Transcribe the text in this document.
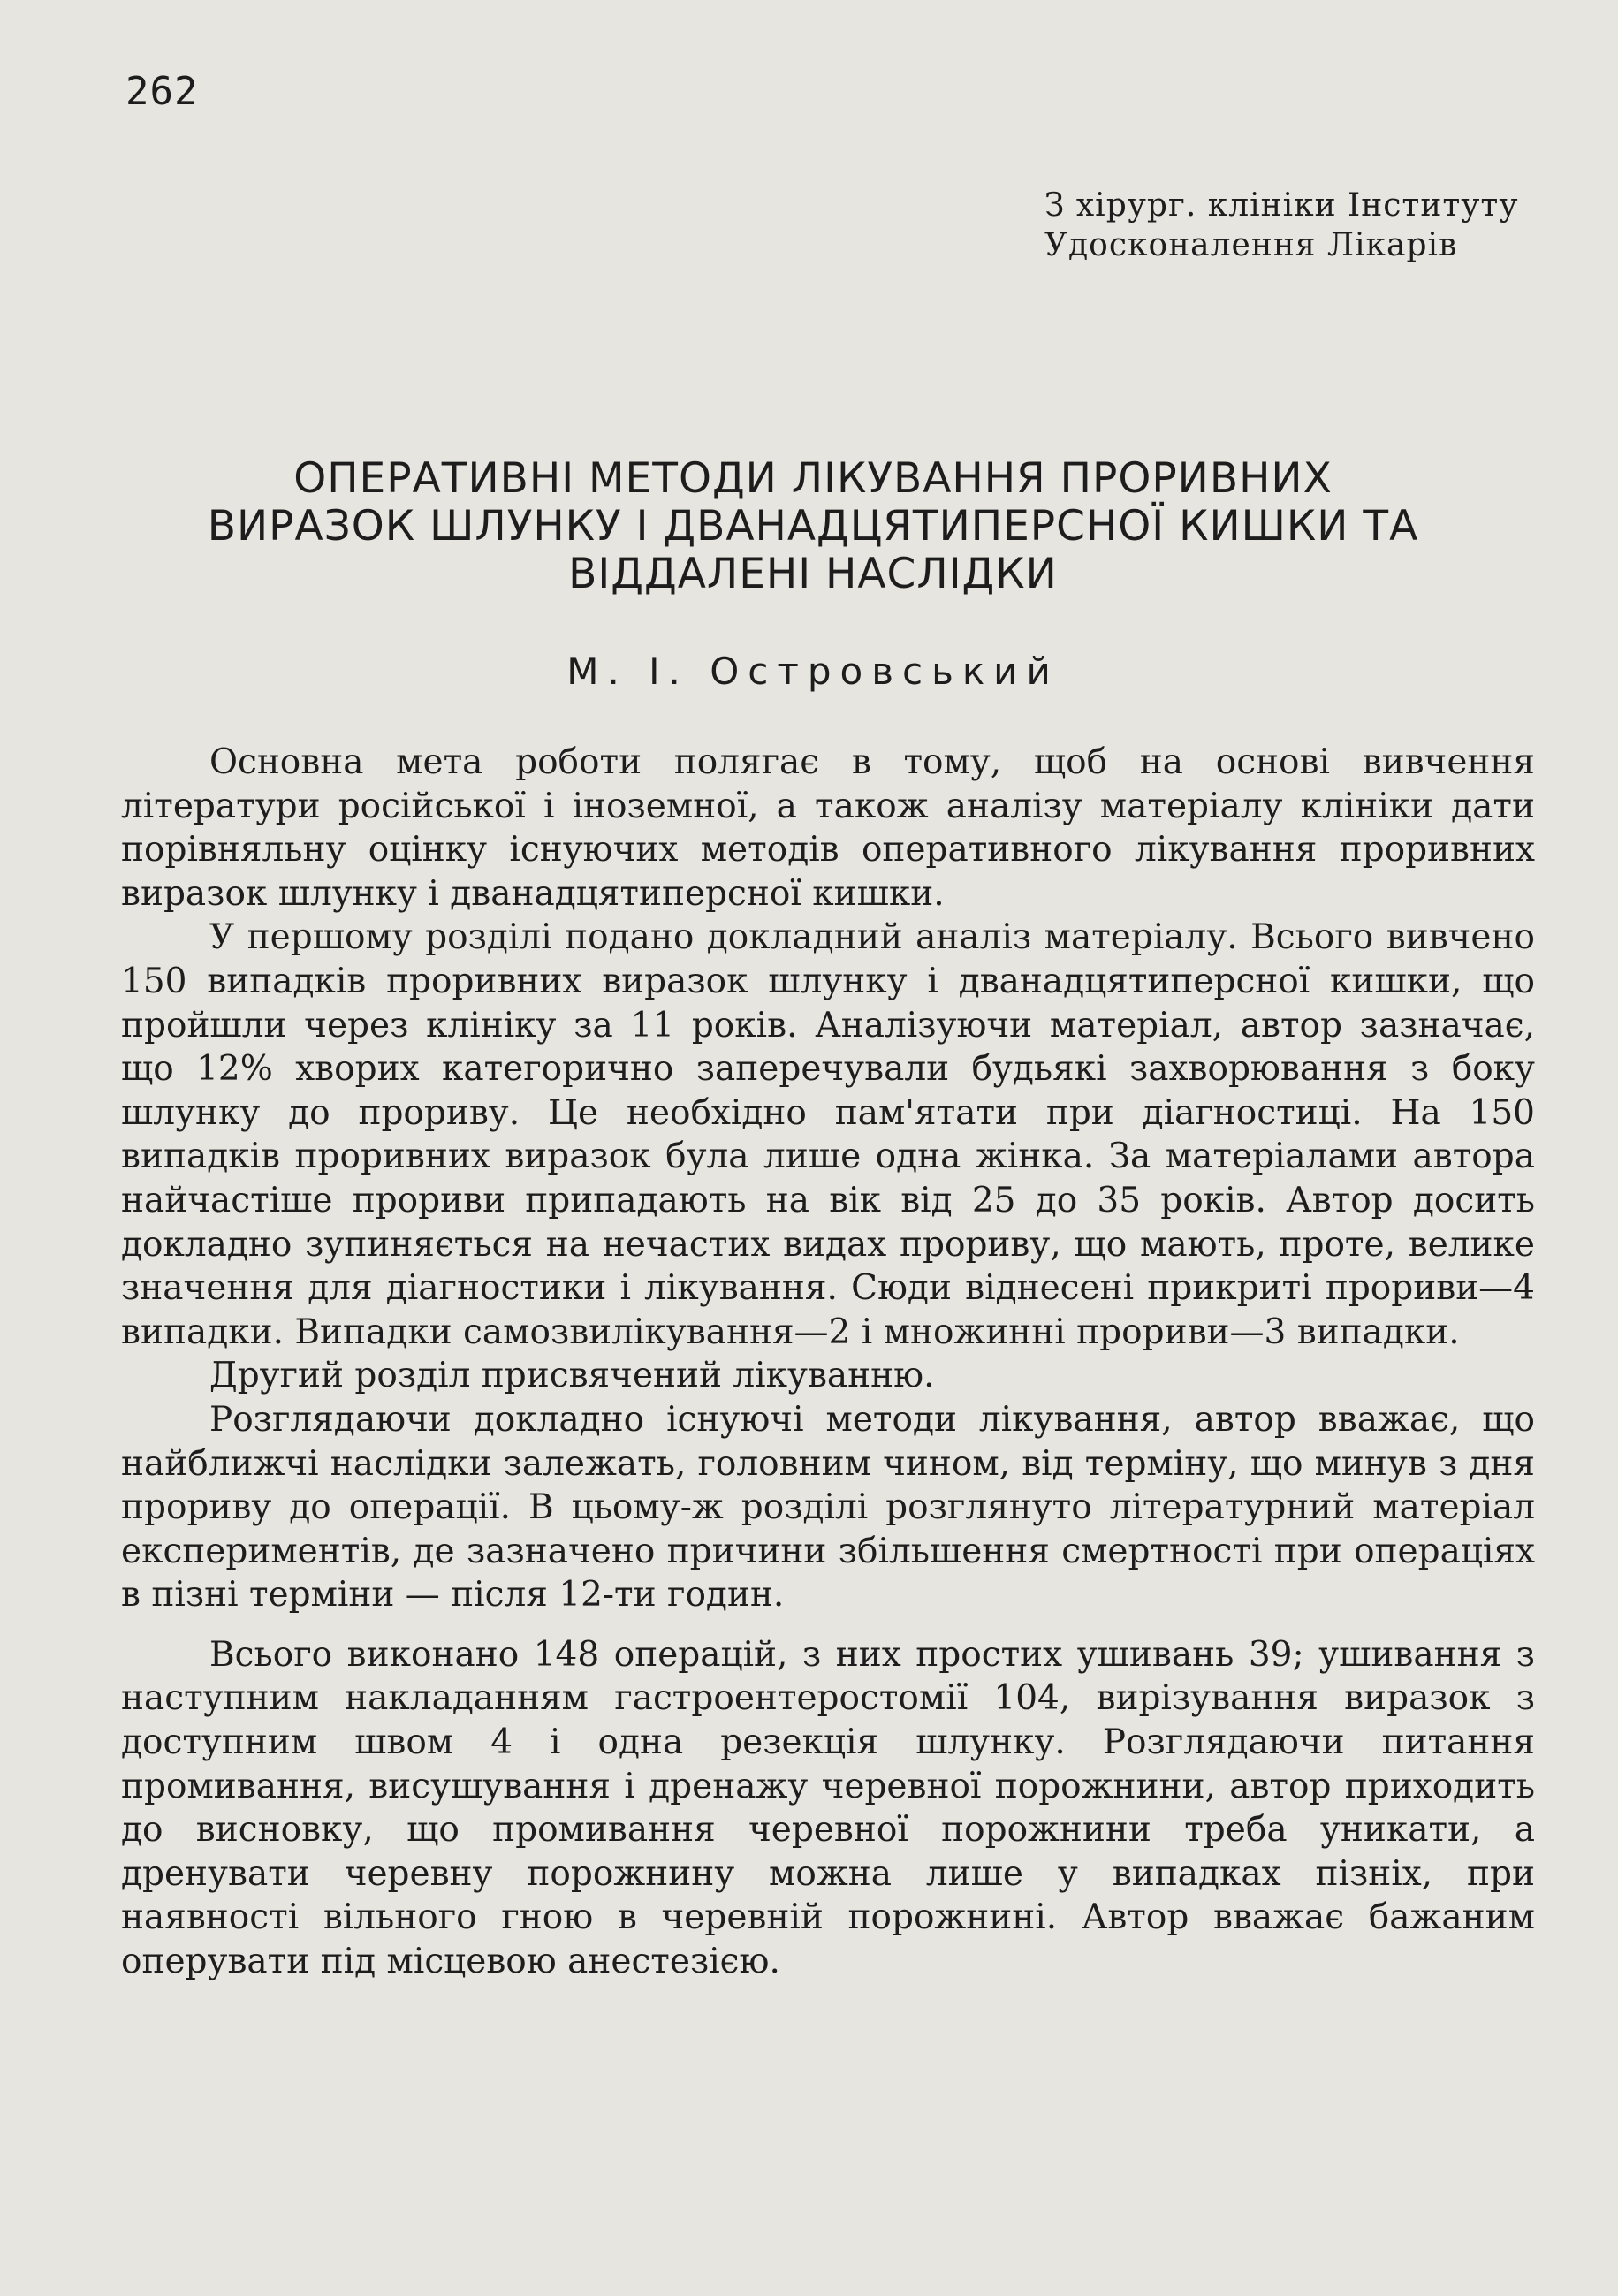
262
З хірург. клініки Інституту
Удосконалення Лікарів
ОПЕРАТИВНІ МЕТОДИ ЛІКУВАННЯ ПРОРИВНИХ
ВИРАЗОК ШЛУНКУ І ДВАНАДЦЯТИПЕРСНОЇ КИШКИ ТА
ВІДДАЛЕНІ НАСЛІДКИ
М. І. Островський

Основна мета роботи полягає в тому, щоб на основі вивчення літератури російської і іноземної, а також аналізу матеріалу клініки дати порівняльну оцінку існуючих методів оперативного лікування проривних виразок шлунку і дванадцятиперсної кишки.

У першому розділі подано докладний аналіз матеріалу. Всього вивчено 150 випадків проривних виразок шлунку і дванадцятиперсної кишки, що пройшли через клініку за 11 років. Аналізуючи матеріал, автор зазначає, що 12% хворих категорично заперечували будьякі захворювання з боку шлунку до прориву. Це необхідно пам'ятати при діагностиці. На 150 випадків проривних виразок була лише одна жінка. За матеріалами автора найчастіше прориви припадають на вік від 25 до 35 років. Автор досить докладно зупиняється на нечастих видах прориву, що мають, проте, велике значення для діагностики і лікування. Сюди віднесені прикриті прориви—4 випадки. Випадки самозвилікування—2 і множинні прориви—3 випадки.

Другий розділ присвячений лікуванню.

Розглядаючи докладно існуючі методи лікування, автор вважає, що найближчі наслідки залежать, головним чином, від терміну, що минув з дня прориву до операції. В цьому-ж розділі розглянуто літературний матеріал експериментів, де зазначено причини збільшення смертності при операціях в пізні терміни — після 12-ти годин.

Всього виконано 148 операцій, з них простих ушивань 39; ушивання з наступним накладанням гастроентеростомії 104, вирізування виразок з доступним швом 4 і одна резекція шлунку. Розглядаючи питання промивання, висушування і дренажу черевної порожнини, автор приходить до висновку, що промивання черевної порожнини треба уникати, а дренувати черевну порожнину можна лише у випадках пізніх, при наявності вільного гною в черевній порожнині. Автор вважає бажаним оперувати під місцевою анестезією.
